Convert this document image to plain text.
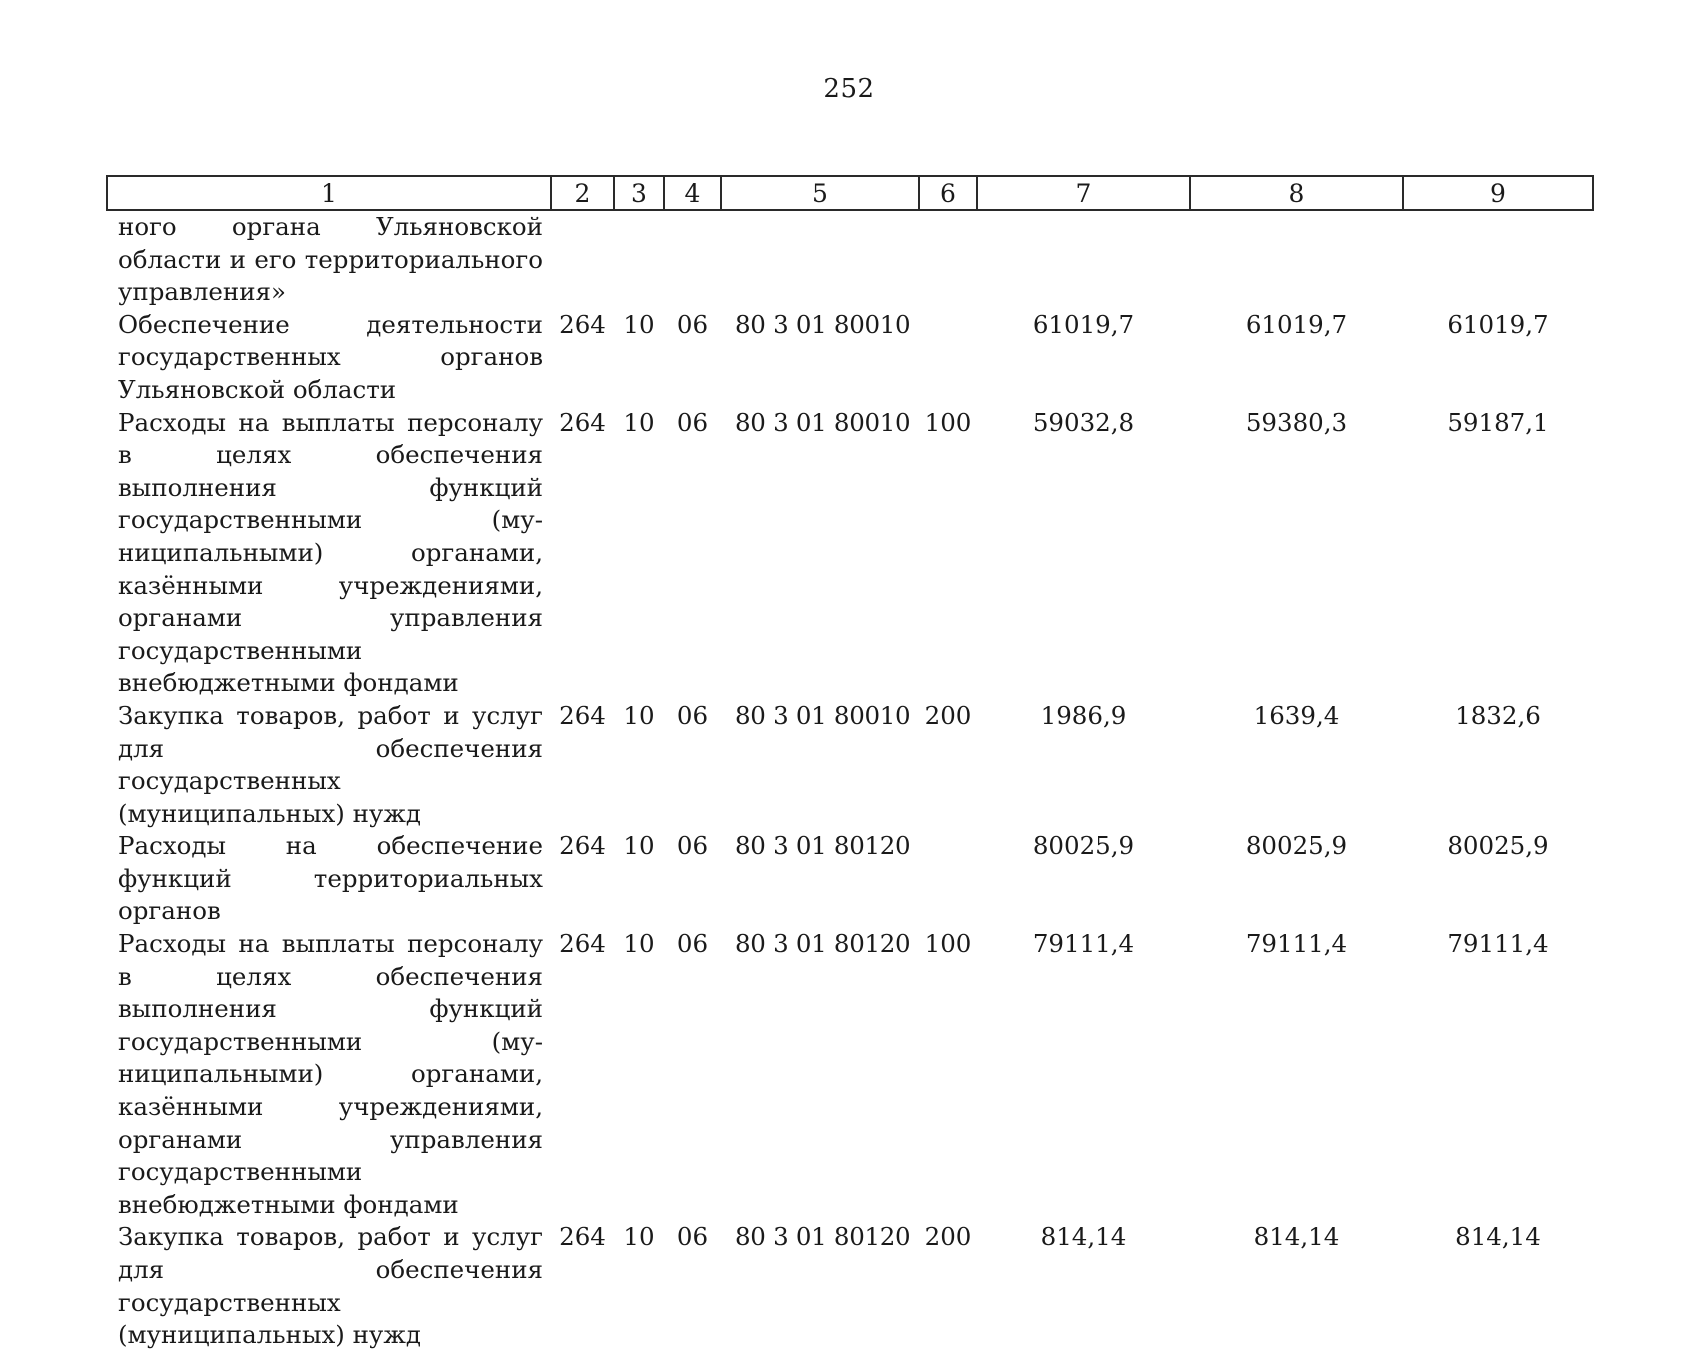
252
1	2	3	4	5	6	7	8	9
ного органа Ульяновской области и его территориального управления»								
Обеспечение деятельности государственных органов Ульяновской области	264	10	06	80 3 01 80010		61019,7	61019,7	61019,7
Расходы на выплаты персоналу в целях обеспечения выполнения функций государственными (муниципальными) органами, казёнными учреждениями, органами управления государственными внебюджетными фондами	264	10	06	80 3 01 80010	100	59032,8	59380,3	59187,1
Закупка товаров, работ и услуг для обеспечения государственных (муниципальных) нужд	264	10	06	80 3 01 80010	200	1986,9	1639,4	1832,6
Расходы на обеспечение функций территориальных органов	264	10	06	80 3 01 80120		80025,9	80025,9	80025,9
Расходы на выплаты персоналу в целях обеспечения выполнения функций государственными (муниципальными) органами, казёнными учреждениями, органами управления государственными внебюджетными фондами	264	10	06	80 3 01 80120	100	79111,4	79111,4	79111,4
Закупка товаров, работ и услуг для обеспечения государственных (муниципальных) нужд	264	10	06	80 3 01 80120	200	814,14	814,14	814,14
